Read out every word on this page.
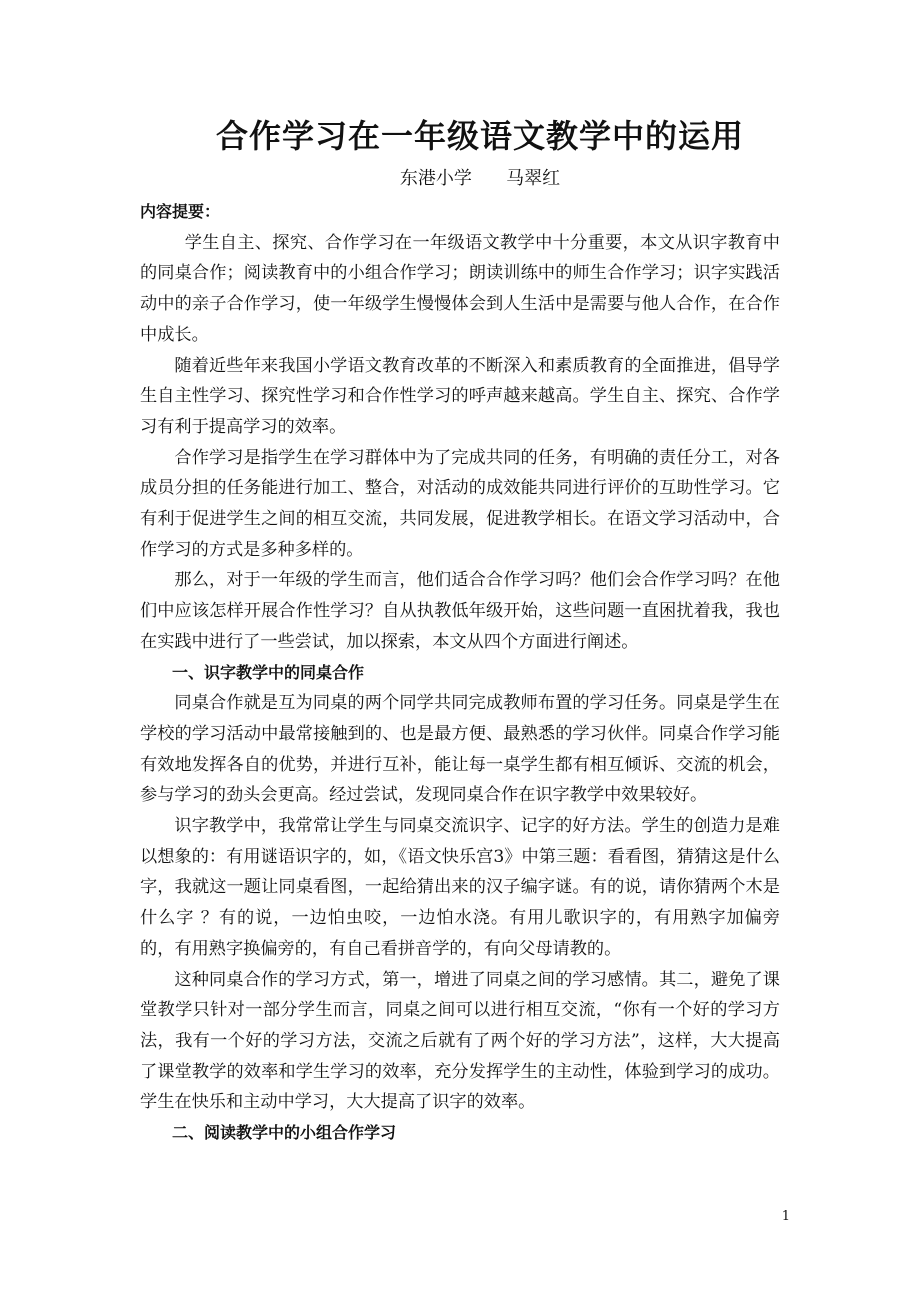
合作学习在一年级语文教学中的运用
东港小学      马翠红

内容提要：

学生自主、探究、合作学习在一年级语文教学中十分重要，本文从识字教育中的同桌合作；阅读教育中的小组合作学习；朗读训练中的师生合作学习；识字实践活动中的亲子合作学习，使一年级学生慢慢体会到人生活中是需要与他人合作，在合作中成长。

随着近些年来我国小学语文教育改革的不断深入和素质教育的全面推进，倡导学生自主性学习、探究性学习和合作性学习的呼声越来越高。学生自主、探究、合作学习有利于提高学习的效率。

合作学习是指学生在学习群体中为了完成共同的任务，有明确的责任分工，对各成员分担的任务能进行加工、整合，对活动的成效能共同进行评价的互助性学习。它有利于促进学生之间的相互交流，共同发展，促进教学相长。在语文学习活动中，合作学习的方式是多种多样的。

那么，对于一年级的学生而言，他们适合合作学习吗？他们会合作学习吗？在他们中应该怎样开展合作性学习？自从执教低年级开始，这些问题一直困扰着我，我也在实践中进行了一些尝试，加以探索，本文从四个方面进行阐述。

一、识字教学中的同桌合作

同桌合作就是互为同桌的两个同学共同完成教师布置的学习任务。同桌是学生在学校的学习活动中最常接触到的、也是最方便、最熟悉的学习伙伴。同桌合作学习能有效地发挥各自的优势，并进行互补，能让每一桌学生都有相互倾诉、交流的机会，参与学习的劲头会更高。经过尝试，发现同桌合作在识字教学中效果较好。

识字教学中，我常常让学生与同桌交流识字、记字的好方法。学生的创造力是难以想象的：有用谜语识字的，如，《语文快乐宫3》中第三题：看看图，猜猜这是什么字，我就这一题让同桌看图，一起给猜出来的汉子编字谜。有的说，请你猜两个木是什么字 ？有的说，一边怕虫咬，一边怕水浇。有用儿歌识字的，有用熟字加偏旁的，有用熟字换偏旁的，有自己看拼音学的，有向父母请教的。

这种同桌合作的学习方式，第一，增进了同桌之间的学习感情。其二，避免了课堂教学只针对一部分学生而言，同桌之间可以进行相互交流，“你有一个好的学习方法，我有一个好的学习方法，交流之后就有了两个好的学习方法”，这样，大大提高了课堂教学的效率和学生学习的效率，充分发挥学生的主动性，体验到学习的成功。学生在快乐和主动中学习，大大提高了识字的效率。

二、阅读教学中的小组合作学习

1
